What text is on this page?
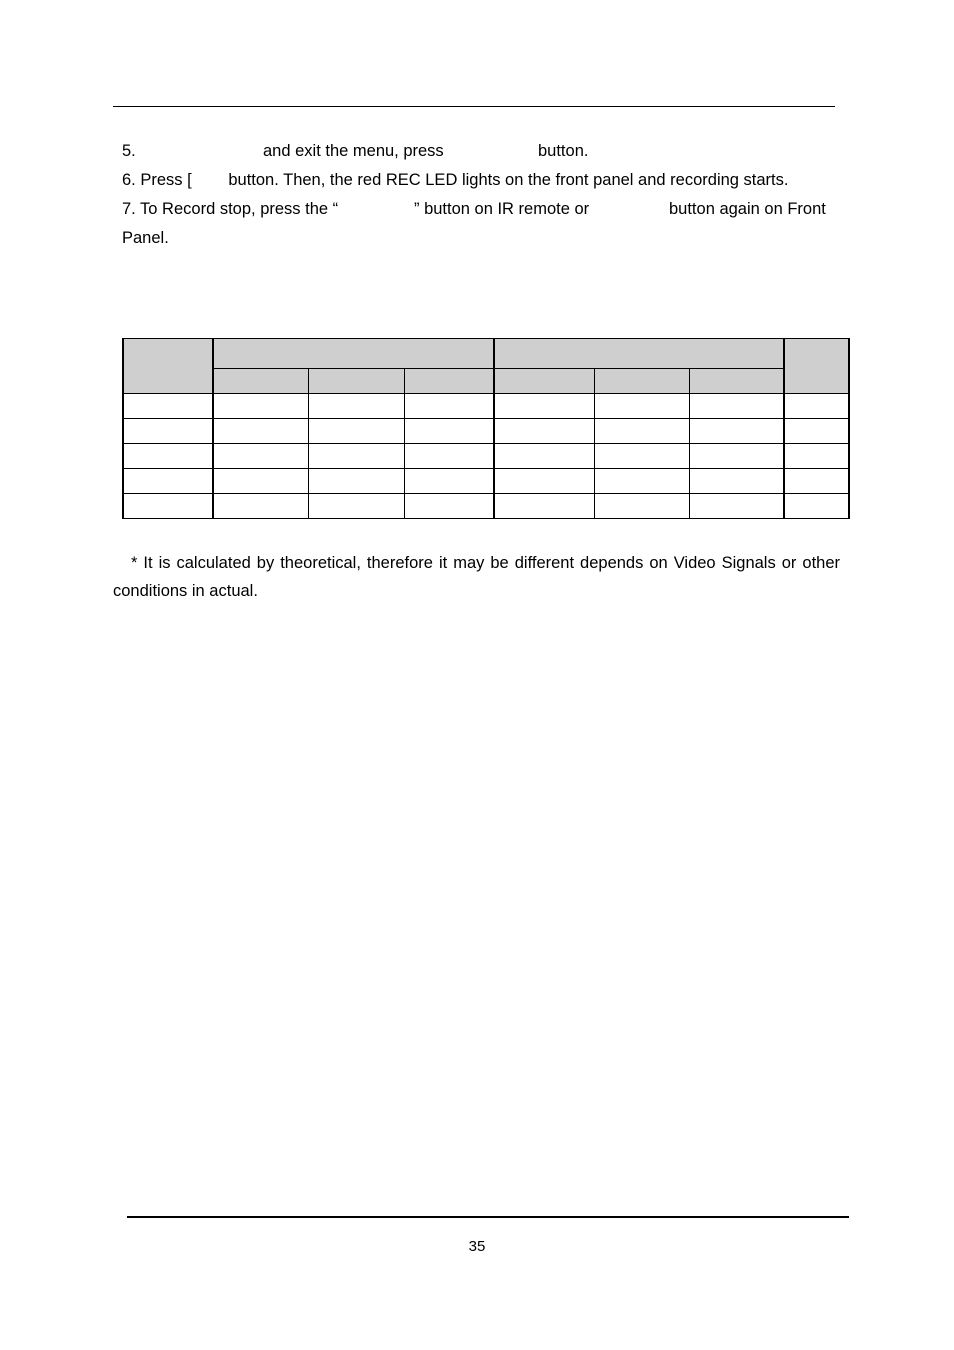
5.	and exit the menu, press	button.
6. Press [        button. Then, the red REC LED lights on the front panel and recording starts.
7. To Record stop, press the “	” button on IR remote or	button again on Front
Panel.

* It is calculated by theoretical, therefore it may be different depends on Video Signals or other conditions in actual.
35
